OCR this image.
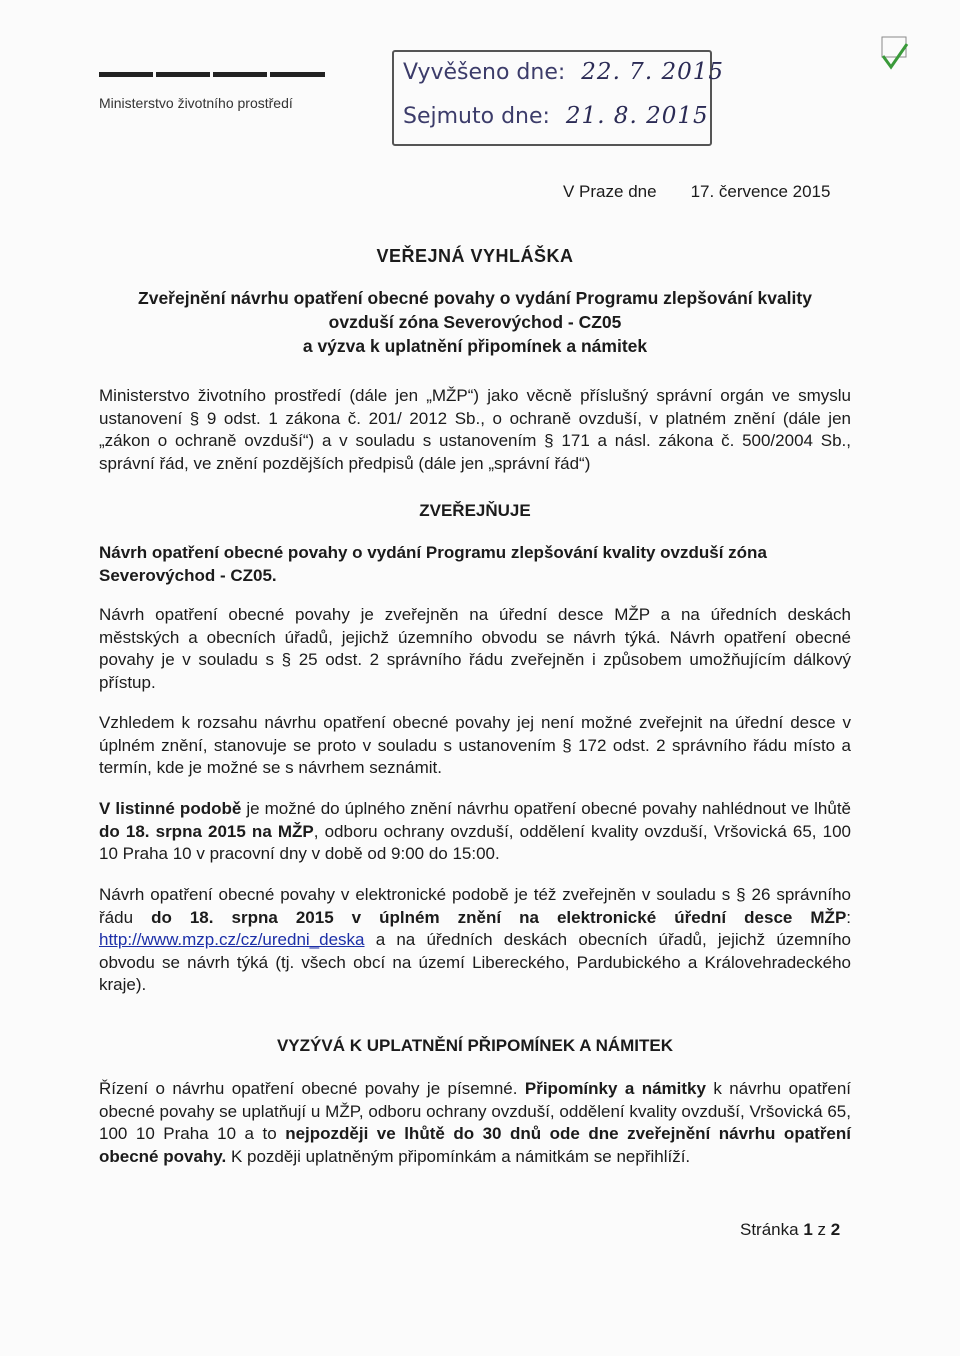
Ministerstvo životního prostředí
Vyvěšeno dne: 22. 7. 2015
Sejmuto dne: 21. 8. 2015
V Praze dne 17. července 2015

VEŘEJNÁ VYHLÁŠKA

Zveřejnění návrhu opatření obecné povahy o vydání Programu zlepšování kvality
ovzduší zóna Severovýchod - CZ05
a výzva k uplatnění připomínek a námitek

Ministerstvo životního prostředí (dále jen „MŽP“) jako věcně příslušný správní orgán ve smyslu ustanovení § 9 odst. 1 zákona č. 201/ 2012 Sb., o ochraně ovzduší, v platném znění (dále jen „zákon o ochraně ovzduší“) a v souladu s ustanovením § 171 a násl. zákona č. 500/2004 Sb., správní řád, ve znění pozdějších předpisů (dále jen „správní řád“)

ZVEŘEJŇUJE

Návrh opatření obecné povahy o vydání Programu zlepšování kvality ovzduší zóna Severovýchod - CZ05.

Návrh opatření obecné povahy je zveřejněn na úřední desce MŽP a na úředních deskách městských a obecních úřadů, jejichž územního obvodu se návrh týká. Návrh opatření obecné povahy je v souladu s § 25 odst. 2 správního řádu zveřejněn i způsobem umožňujícím dálkový přístup.

Vzhledem k rozsahu návrhu opatření obecné povahy jej není možné zveřejnit na úřední desce v úplném znění, stanovuje se proto v souladu s ustanovením § 172 odst. 2 správního řádu místo a termín, kde je možné se s návrhem seznámit.

V listinné podobě je možné do úplného znění návrhu opatření obecné povahy nahlédnout ve lhůtě do 18. srpna 2015 na MŽP, odboru ochrany ovzduší, oddělení kvality ovzduší, Vršovická 65, 100 10 Praha 10 v pracovní dny v době od 9:00 do 15:00.

Návrh opatření obecné povahy v elektronické podobě je též zveřejněn v souladu s § 26 správního řádu do 18. srpna 2015 v úplném znění na elektronické úřední desce MŽP: http://www.mzp.cz/cz/uredni_deska a na úředních deskách obecních úřadů, jejichž územního obvodu se návrh týká (tj. všech obcí na území Libereckého, Pardubického a Královehradeckého kraje).

VYZÝVÁ K UPLATNĚNÍ PŘIPOMÍNEK A NÁMITEK

Řízení o návrhu opatření obecné povahy je písemné. Připomínky a námitky k návrhu opatření obecné povahy se uplatňují u MŽP, odboru ochrany ovzduší, oddělení kvality ovzduší, Vršovická 65, 100 10 Praha 10 a to nejpozději ve lhůtě do 30 dnů ode dne zveřejnění návrhu opatření obecné povahy. K později uplatněným připomínkám a námitkám se nepřihlíží.

Stránka 1 z 2
